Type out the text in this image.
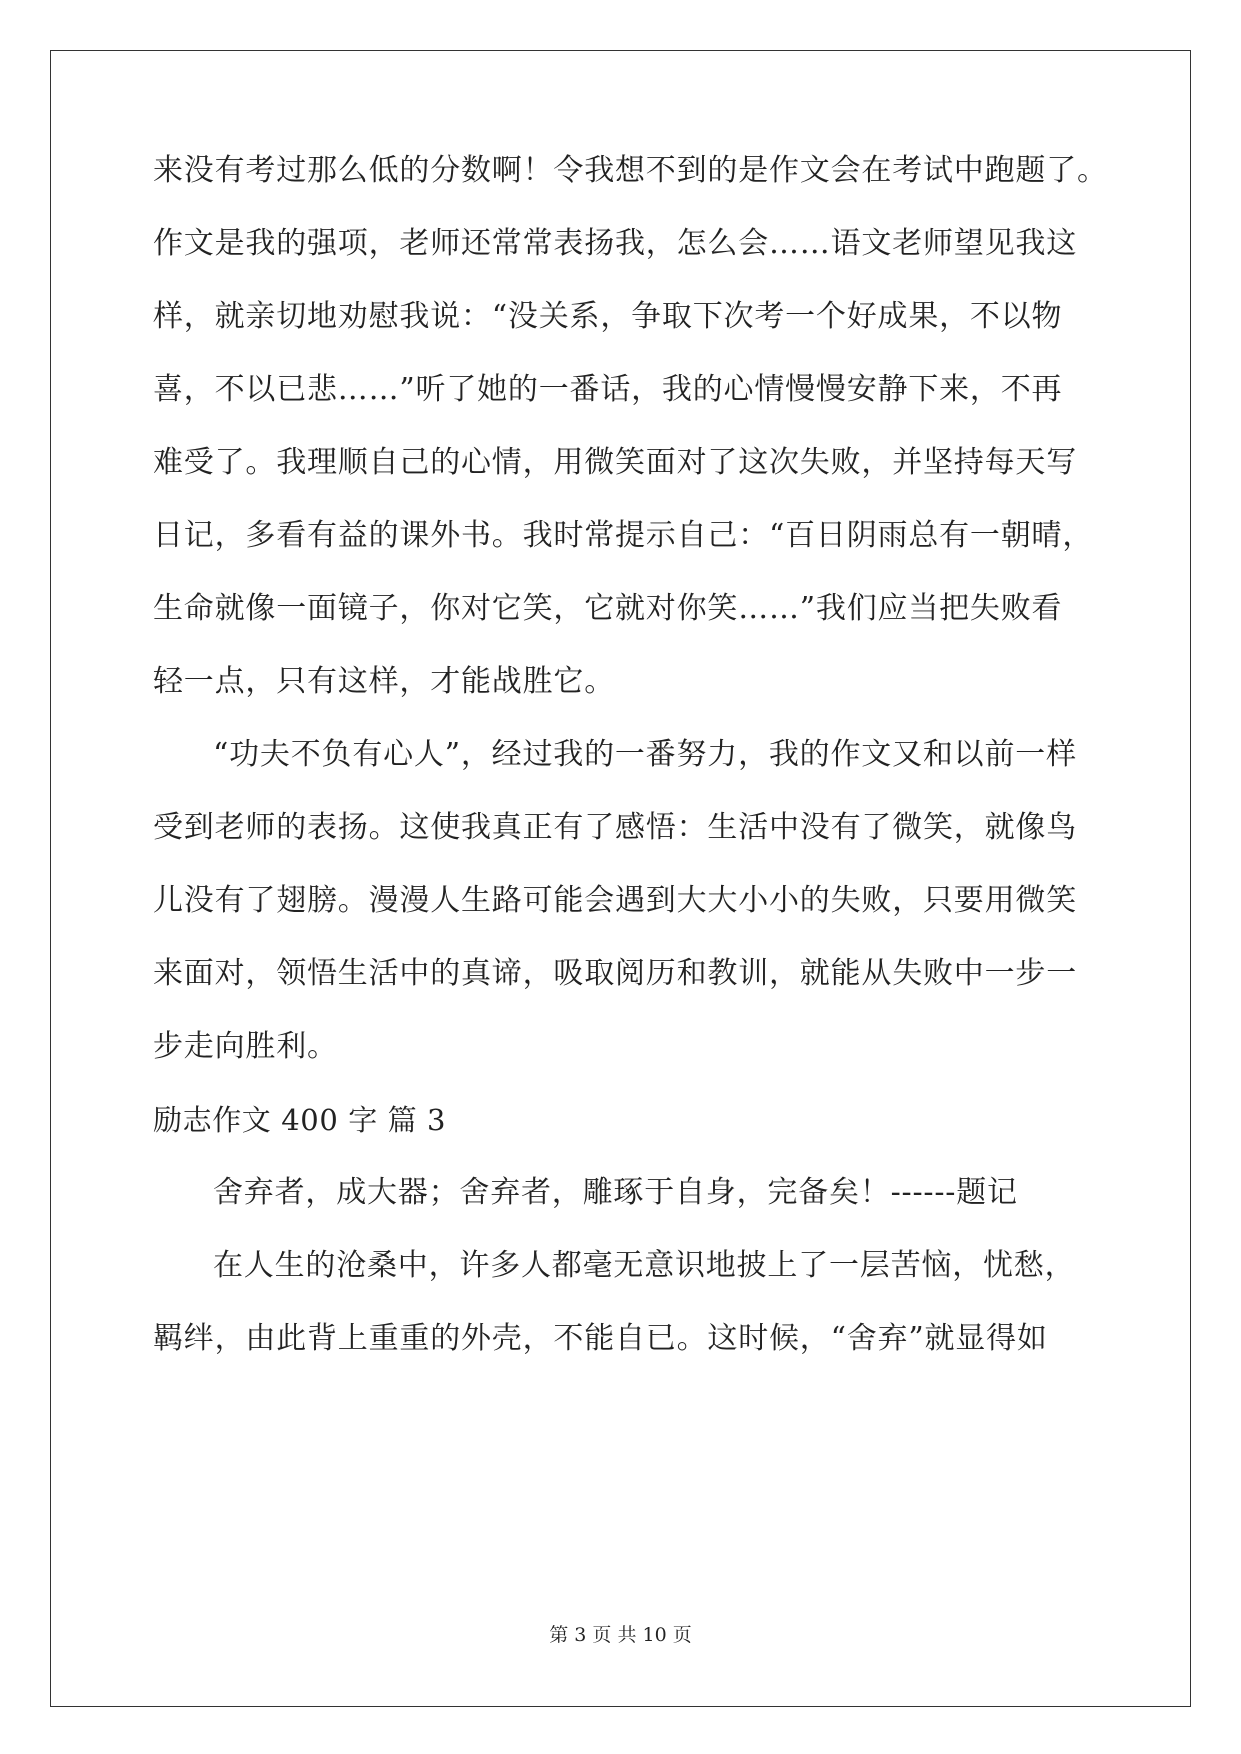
来没有考过那么低的分数啊！令我想不到的是作文会在考试中跑题了。
作文是我的强项，老师还常常表扬我，怎么会……语文老师望见我这
样，就亲切地劝慰我说：“没关系，争取下次考一个好成果，不以物
喜，不以已悲……”听了她的一番话，我的心情慢慢安静下来，不再
难受了。我理顺自己的心情，用微笑面对了这次失败，并坚持每天写
日记，多看有益的课外书。我时常提示自己：“百日阴雨总有一朝晴，
生命就像一面镜子，你对它笑，它就对你笑……”我们应当把失败看
轻一点，只有这样，才能战胜它。
“功夫不负有心人”，经过我的一番努力，我的作文又和以前一样
受到老师的表扬。这使我真正有了感悟：生活中没有了微笑，就像鸟
儿没有了翅膀。漫漫人生路可能会遇到大大小小的失败，只要用微笑
来面对，领悟生活中的真谛，吸取阅历和教训，就能从失败中一步一
步走向胜利。
励志作文 400 字 篇 3
舍弃者，成大器；舍弃者，雕琢于自身，完备矣！------题记
在人生的沧桑中，许多人都毫无意识地披上了一层苦恼，忧愁，
羁绊，由此背上重重的外壳，不能自已。这时候，“舍弃”就显得如
第 3 页 共 10 页
